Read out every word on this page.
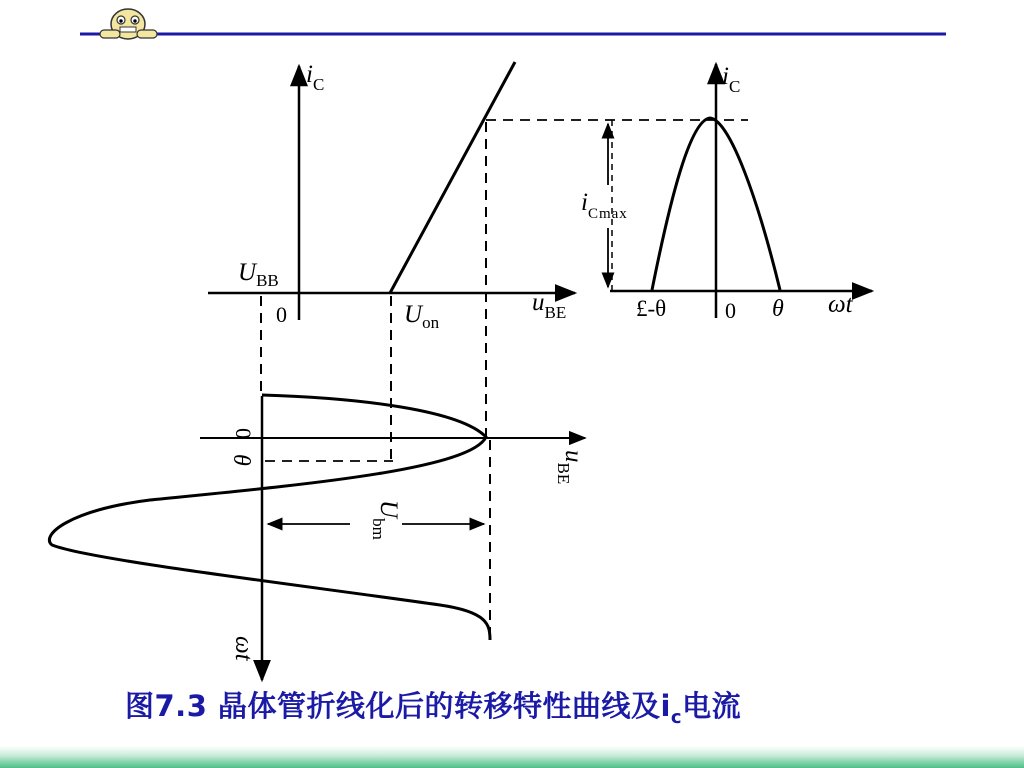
$i_C$
$U_{BB}$
0	$U_{on}$
$u_{BE}$
$i_C$
$i_{Cmax}$
£-θ	0 θ ωt
0
θ	$u_{BE}$
$U_{bm}$
ωt
图7.3 晶体管折线化后的转移特性曲线及$i_c$电流
